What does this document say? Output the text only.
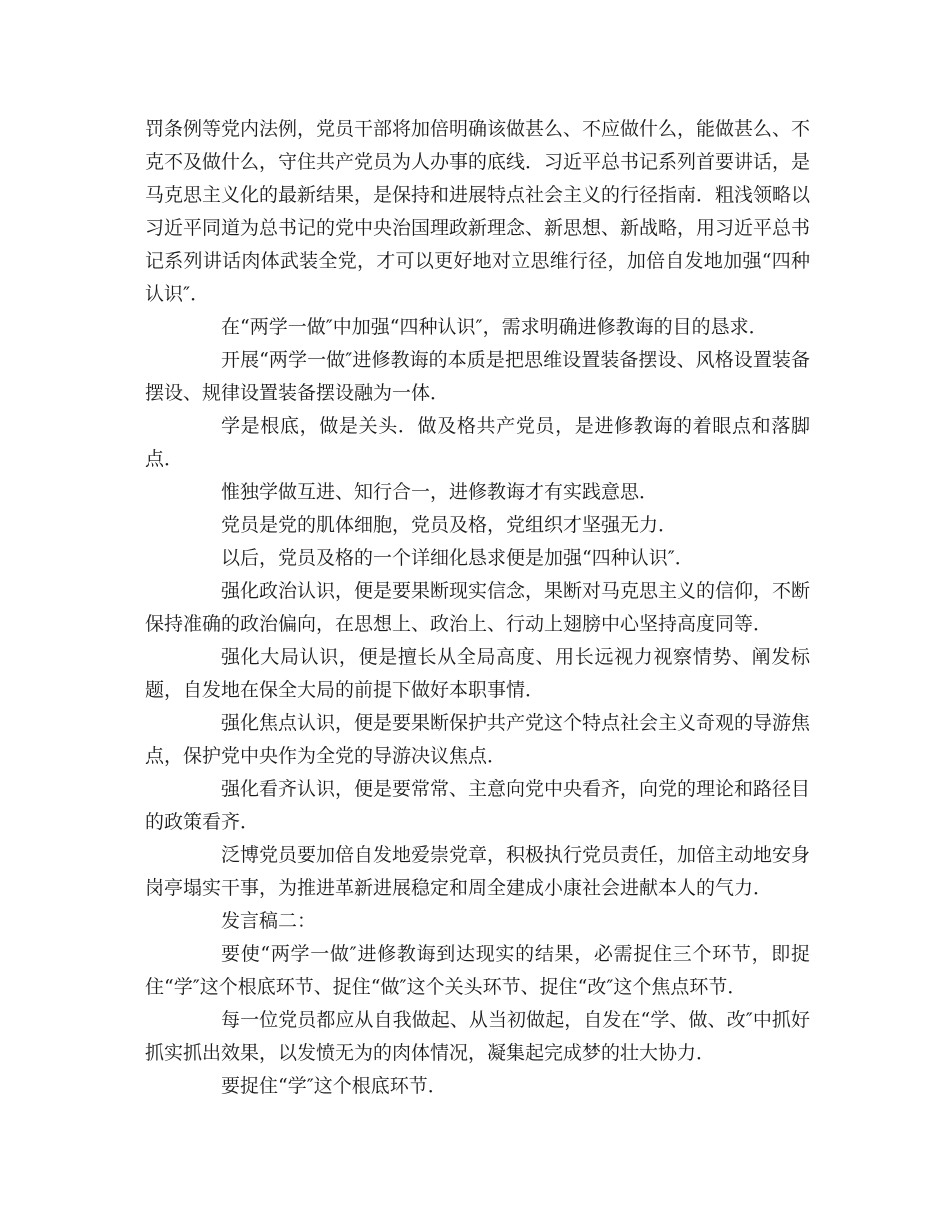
罚条例等党内法例，党员干部将加倍明确该做甚么、不应做什么，能做甚么、不克不及做什么，守住共产党员为人办事的底线．习近平总书记系列首要讲话，是马克思主义化的最新结果，是保持和进展特点社会主义的行径指南．粗浅领略以习近平同道为总书记的党中央治国理政新理念、新思想、新战略，用习近平总书记系列讲话肉体武装全党，才可以更好地对立思维行径，加倍自发地加强“四种认识″．

在“两学一做″中加强“四种认识″，需求明确进修教诲的目的恳求．

开展“两学一做″进修教诲的本质是把思维设置装备摆设、风格设置装备摆设、规律设置装备摆设融为一体．

学是根底，做是关头．做及格共产党员，是进修教诲的着眼点和落脚点．

惟独学做互进、知行合一，进修教诲才有实践意思．

党员是党的肌体细胞，党员及格，党组织才坚强无力．

以后，党员及格的一个详细化恳求便是加强“四种认识″．

强化政治认识，便是要果断现实信念，果断对马克思主义的信仰，不断保持准确的政治偏向，在思想上、政治上、行动上翅膀中心坚持高度同等．

强化大局认识，便是擅长从全局高度、用长远视力视察情势、阐发标题，自发地在保全大局的前提下做好本职事情．

强化焦点认识，便是要果断保护共产党这个特点社会主义奇观的导游焦点，保护党中央作为全党的导游决议焦点．

强化看齐认识，便是要常常、主意向党中央看齐，向党的理论和路径目的政策看齐．

泛博党员要加倍自发地爱崇党章，积极执行党员责任，加倍主动地安身岗亭塌实干事，为推进革新进展稳定和周全建成小康社会进献本人的气力．

发言稿二：

要使“两学一做″进修教诲到达现实的结果，必需捉住三个环节，即捉住“学″这个根底环节、捉住“做″这个关头环节、捉住“改″这个焦点环节．

每一位党员都应从自我做起、从当初做起，自发在“学、做、改″中抓好抓实抓出效果，以发愤无为的肉体情况，凝集起完成梦的壮大协力．

要捉住“学″这个根底环节．
